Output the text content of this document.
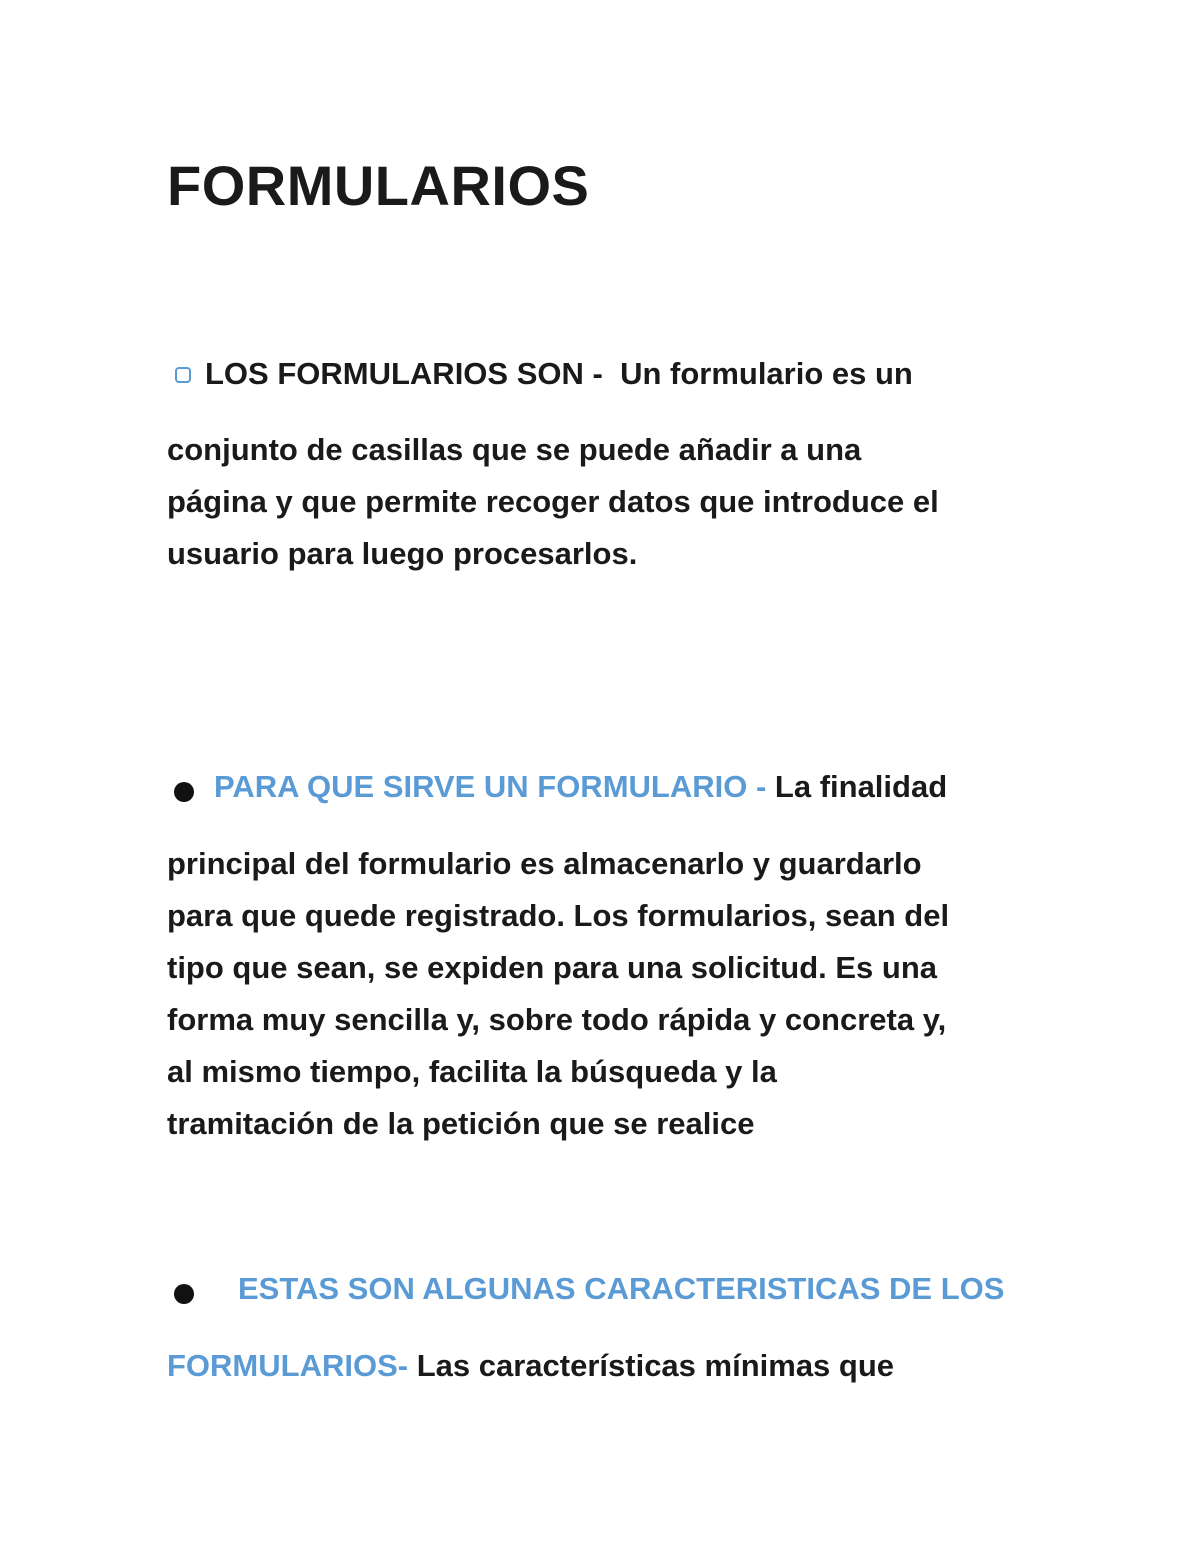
FORMULARIOS

LOS FORMULARIOS SON - Un formulario es un

conjunto de casillas que se puede añadir a una

página y que permite recoger datos que introduce el

usuario para luego procesarlos.

PARA QUE SIRVE UN FORMULARIO - La finalidad

principal del formulario es almacenarlo y guardarlo

para que quede registrado. Los formularios, sean del

tipo que sean, se expiden para una solicitud. Es una

forma muy sencilla y, sobre todo rápida y concreta y,

al mismo tiempo, facilita la búsqueda y la

tramitación de la petición que se realice

ESTAS SON ALGUNAS CARACTERISTICAS DE LOS

FORMULARIOS- Las características mínimas que
